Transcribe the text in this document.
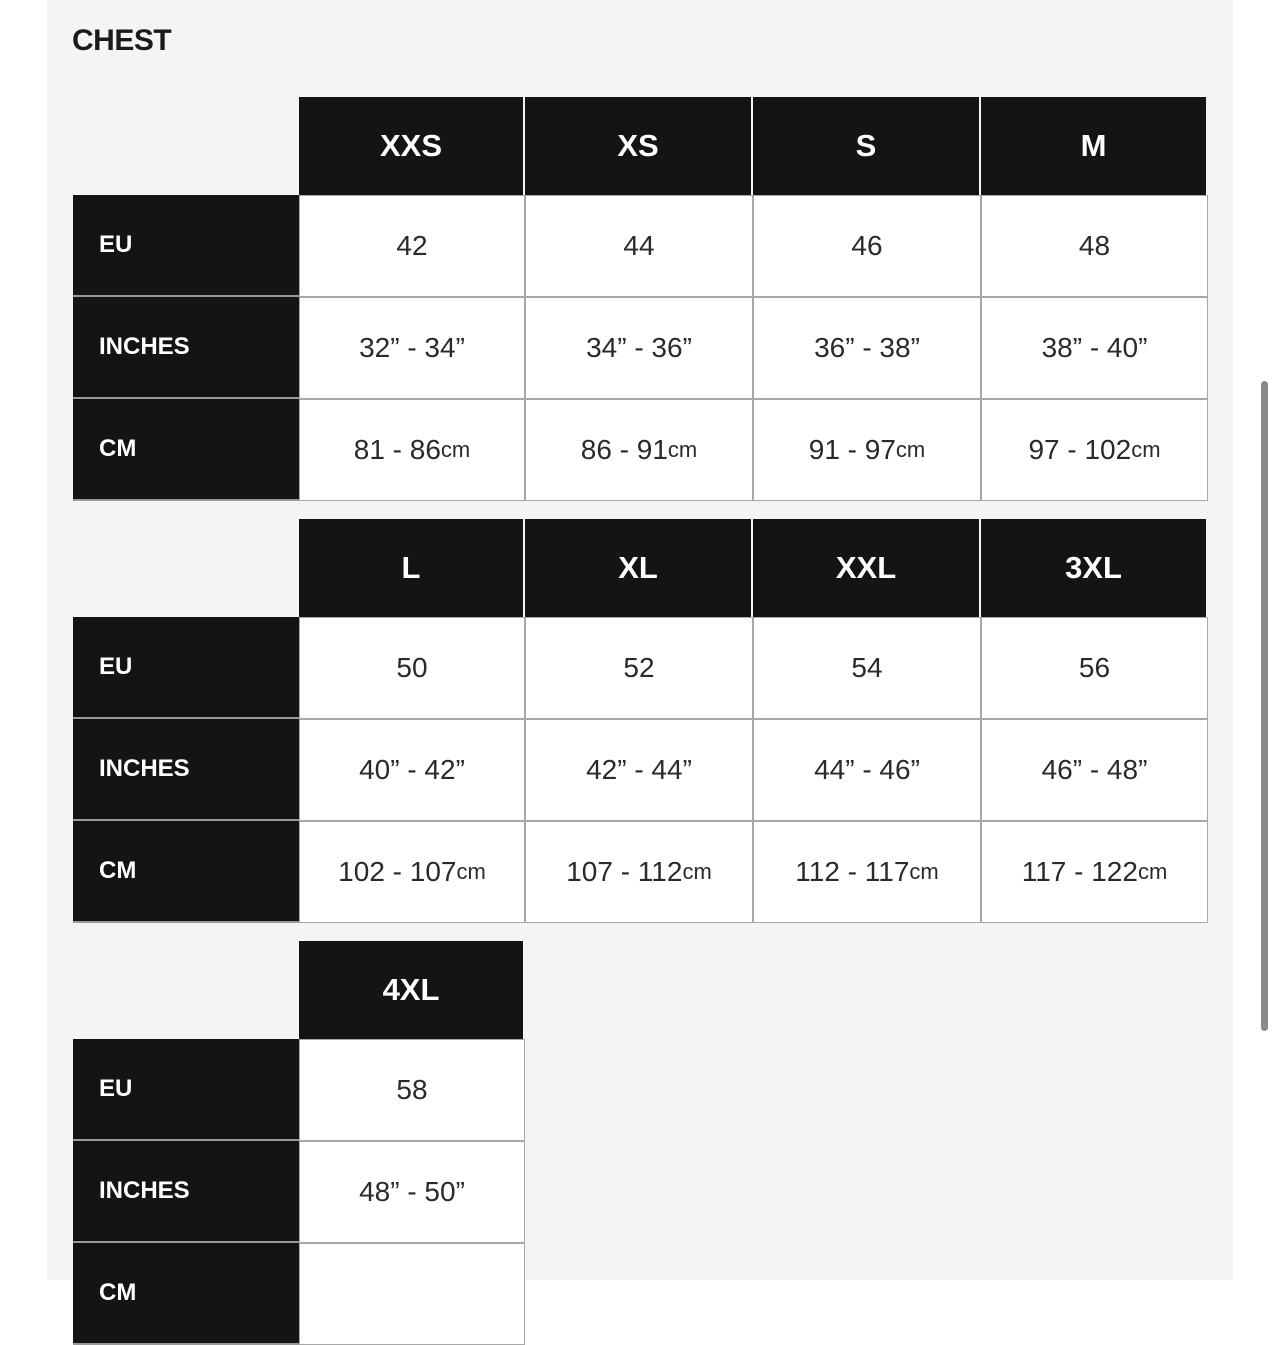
CHEST
XXS	XS	S	M
EU	42	44	46	48
INCHES	32” - 34”	34” - 36”	36” - 38”	38” - 40”
CM	81 - 86 cm	86 - 91 cm	91 - 97 cm	97 - 102 cm
L	XL	XXL	3XL
EU	50	52	54	56
INCHES	40” - 42”	42” - 44”	44” - 46”	46” - 48”
CM	102 - 107 cm	107 - 112 cm	112 - 117 cm	117 - 122 cm
4XL
EU	58
INCHES	48” - 50”
CM
